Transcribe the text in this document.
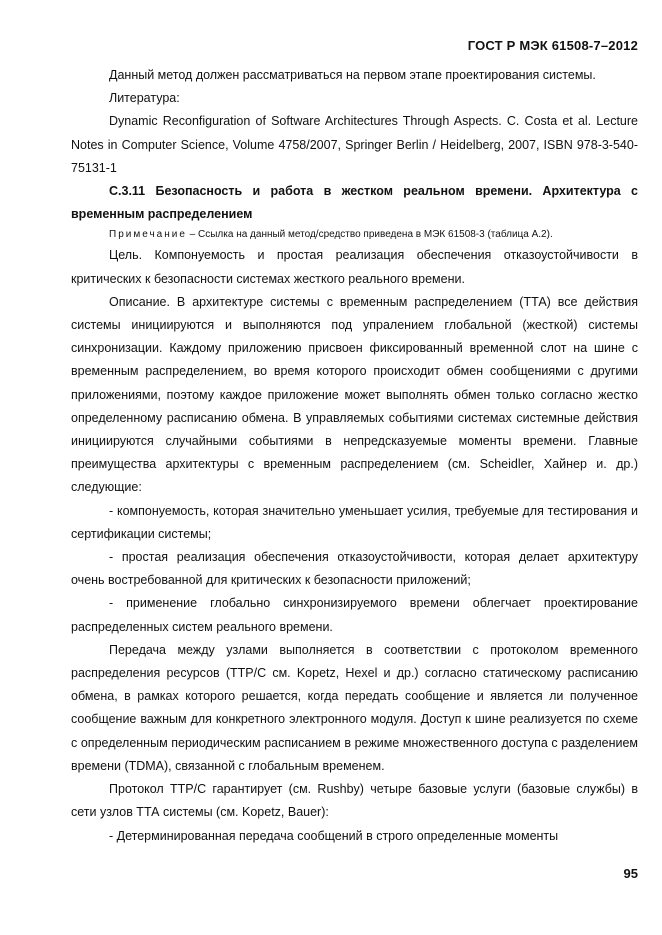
ГОСТ Р МЭК 61508-7–2012

Данный метод должен рассматриваться на первом этапе проектирования системы.

Литература:

Dynamic Reconfiguration of Software Architectures Through Aspects. C. Costa et al. Lecture Notes in Computer Science, Volume 4758/2007, Springer Berlin / Heidelberg, 2007, ISBN 978-3-540-75131-1

С.3.11 Безопасность и работа в жестком реальном времени. Архитектура с временным распределением

Примечание – Ссылка на данный метод/средство приведена в МЭК 61508-3 (таблица А.2).

Цель. Компонуемость и простая реализация обеспечения отказоустойчивости в критических к безопасности системах жесткого реального времени.

Описание. В архитектуре системы с временным распределением (ТТА) все действия системы инициируются и выполняются под упралением глобальной (жесткой) системы синхронизации. Каждому приложению присвоен фиксированный временной слот на шине с временным распределением, во время которого происходит обмен сообщениями с другими приложениями, поэтому каждое приложение может выполнять обмен только согласно жестко определенному расписанию обмена. В управляемых событиями системах системные действия инициируются случайными событиями в непредсказуемые моменты времени. Главные преимущества архитектуры с временным распределением (см. Scheidler, Хайнер и. др.) следующие:

- компонуемость, которая значительно уменьшает усилия, требуемые для тестирования и сертификации системы;

- простая реализация обеспечения отказоустойчивости, которая делает архитектуру очень востребованной для критических к безопасности приложений;

- применение глобально синхронизируемого времени облегчает проектирование распределенных систем реального времени.

Передача между узлами выполняется в соответствии с протоколом временного распределения ресурсов (TTP/C см. Kopetz, Hexel и др.) согласно статическому расписанию обмена, в рамках которого решается, когда передать сообщение и является ли полученное сообщение важным для конкретного электронного модуля. Доступ к шине реализуется по схеме с определенным периодическим расписанием в режиме множественного доступа с разделением времени (TDMA), связанной с глобальным временем.

Протокол TTP/C гарантирует (см. Rushby) четыре базовые услуги (базовые службы) в сети узлов ТТА системы (см. Kopetz, Bauer):

- Детерминированная передача сообщений в строго определенные моменты

95
